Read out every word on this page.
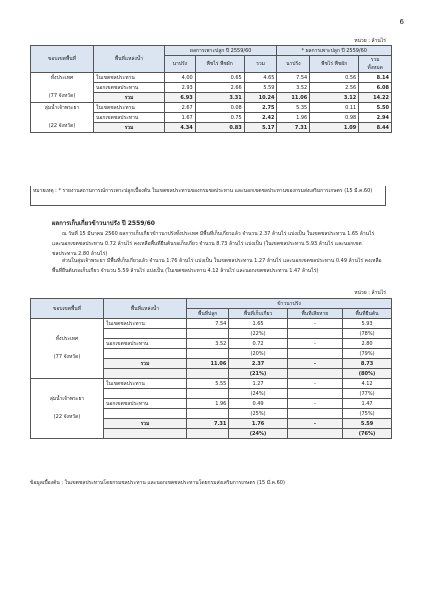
6
หน่วย : ล้านไร่
ขอบเขตพื้นที่	พื้นที่แหล่งน้ำ	ผลการเพาะปลูก ปี 2559/60			* ผลการเพาะปลูก ปี 2559/60		
		นาปรัง	พืชไร่ พืชผัก	รวม	นาปรัง	พืชไร่ พืชผัก	รวม
ทั้งหมด
ทั้งประเทศ

(77 จังหวัด)	ในเขตชลประทาน	4.00	0.65	4.65	7.54	0.56	8.14
	นอกเขตชลประทาน	2.93	2.66	5.59	3.52	2.56	6.08
	รวม	6.93	3.31	10.24	11.06	3.12	14.22
ลุ่มน้ำเจ้าพระยา

(22 จังหวัด)	ในเขตชลประทาน	2.67	0.08	2.75	5.35	0.11	5.50
	นอกเขตชลประทาน	1.67	0.75	2.42	1.96	0.98	2.94
	รวม	4.34	0.83	5.17	7.31	1.09	8.44
หมายเหตุ : * รายงานสถานการณ์การเพาะปลูกเบื้องต้น ในเขตชลประทานของกรมชลประทาน และนอกเขตชลประทานของกรมส่งเสริมการเกษตร (15 มี.ค.60)
ผลการเก็บเกี่ยวข้าวนาปรัง ปี 2559/60
ณ วันที่ 15 มีนาคม 2560 ผลการเก็บเกี่ยวข้าวนาปรังทั้งประเทศ มีพื้นที่เก็บเกี่ยวแล้ว จำนวน 2.37 ล้านไร่ แบ่งเป็น ในเขตชลประทาน 1.65 ล้านไร่ และนอกเขตชลประทาน 0.72 ล้านไร่ คงเหลือพื้นที่ยืนต้นรอเก็บเกี่ยว จำนวน 8.73 ล้านไร่ แบ่งเป็น (ในเขตชลประทาน 5.93 ล้านไร่ และนอกเขตชลประทาน 2.80 ล้านไร่)
ส่วนในลุ่มเจ้าพระยา มีพื้นที่เก็บเกี่ยวแล้ว จำนวน 1.76 ล้านไร่ แบ่งเป็น ในเขตชลประทาน 1.27 ล้านไร่ และนอกเขตชลประทาน 0.49 ล้านไร่ คงเหลือพื้นที่ยืนต้นรอเก็บเกี่ยว จำนวน 5.59 ล้านไร่ แบ่งเป็น (ในเขตชลประทาน 4.12 ล้านไร่ และนอกเขตชลประทาน 1.47 ล้านไร่)
หน่วย : ล้านไร่
ขอบเขตพื้นที่	พื้นที่แหล่งน้ำ	ข้าวนาปรัง			
		พื้นที่ปลูก	พื้นที่เก็บเกี่ยว	พื้นที่เสียหาย	พื้นที่ยืนต้น
ทั้งประเทศ

(77 จังหวัด)	ในเขตชลประทาน	7.54	1.65	-	5.93
			(22%)		(78%)
	นอกเขตชลประทาน	3.52	0.72	-	2.80
			(20%)		(79%)
	รวม	11.06	2.37	-	8.73
			(21%)		(80%)
ลุ่มน้ำเจ้าพระยา

(22 จังหวัด)	ในเขตชลประทาน	5.55	1.27	-	4.12
			(24%)		(77%)
	นอกเขตชลประทาน	1.96	0.49	-	1.47
			(25%)		(75%)
	รวม	7.31	1.76	-	5.59
			(24%)		(76%)
ข้อมูลเบื้องต้น : ในเขตชลประทานโดยกรมชลประทาน และนอกเขตชลประทานโดยกรมส่งเสริมการเกษตร (15 มี.ค.60)
